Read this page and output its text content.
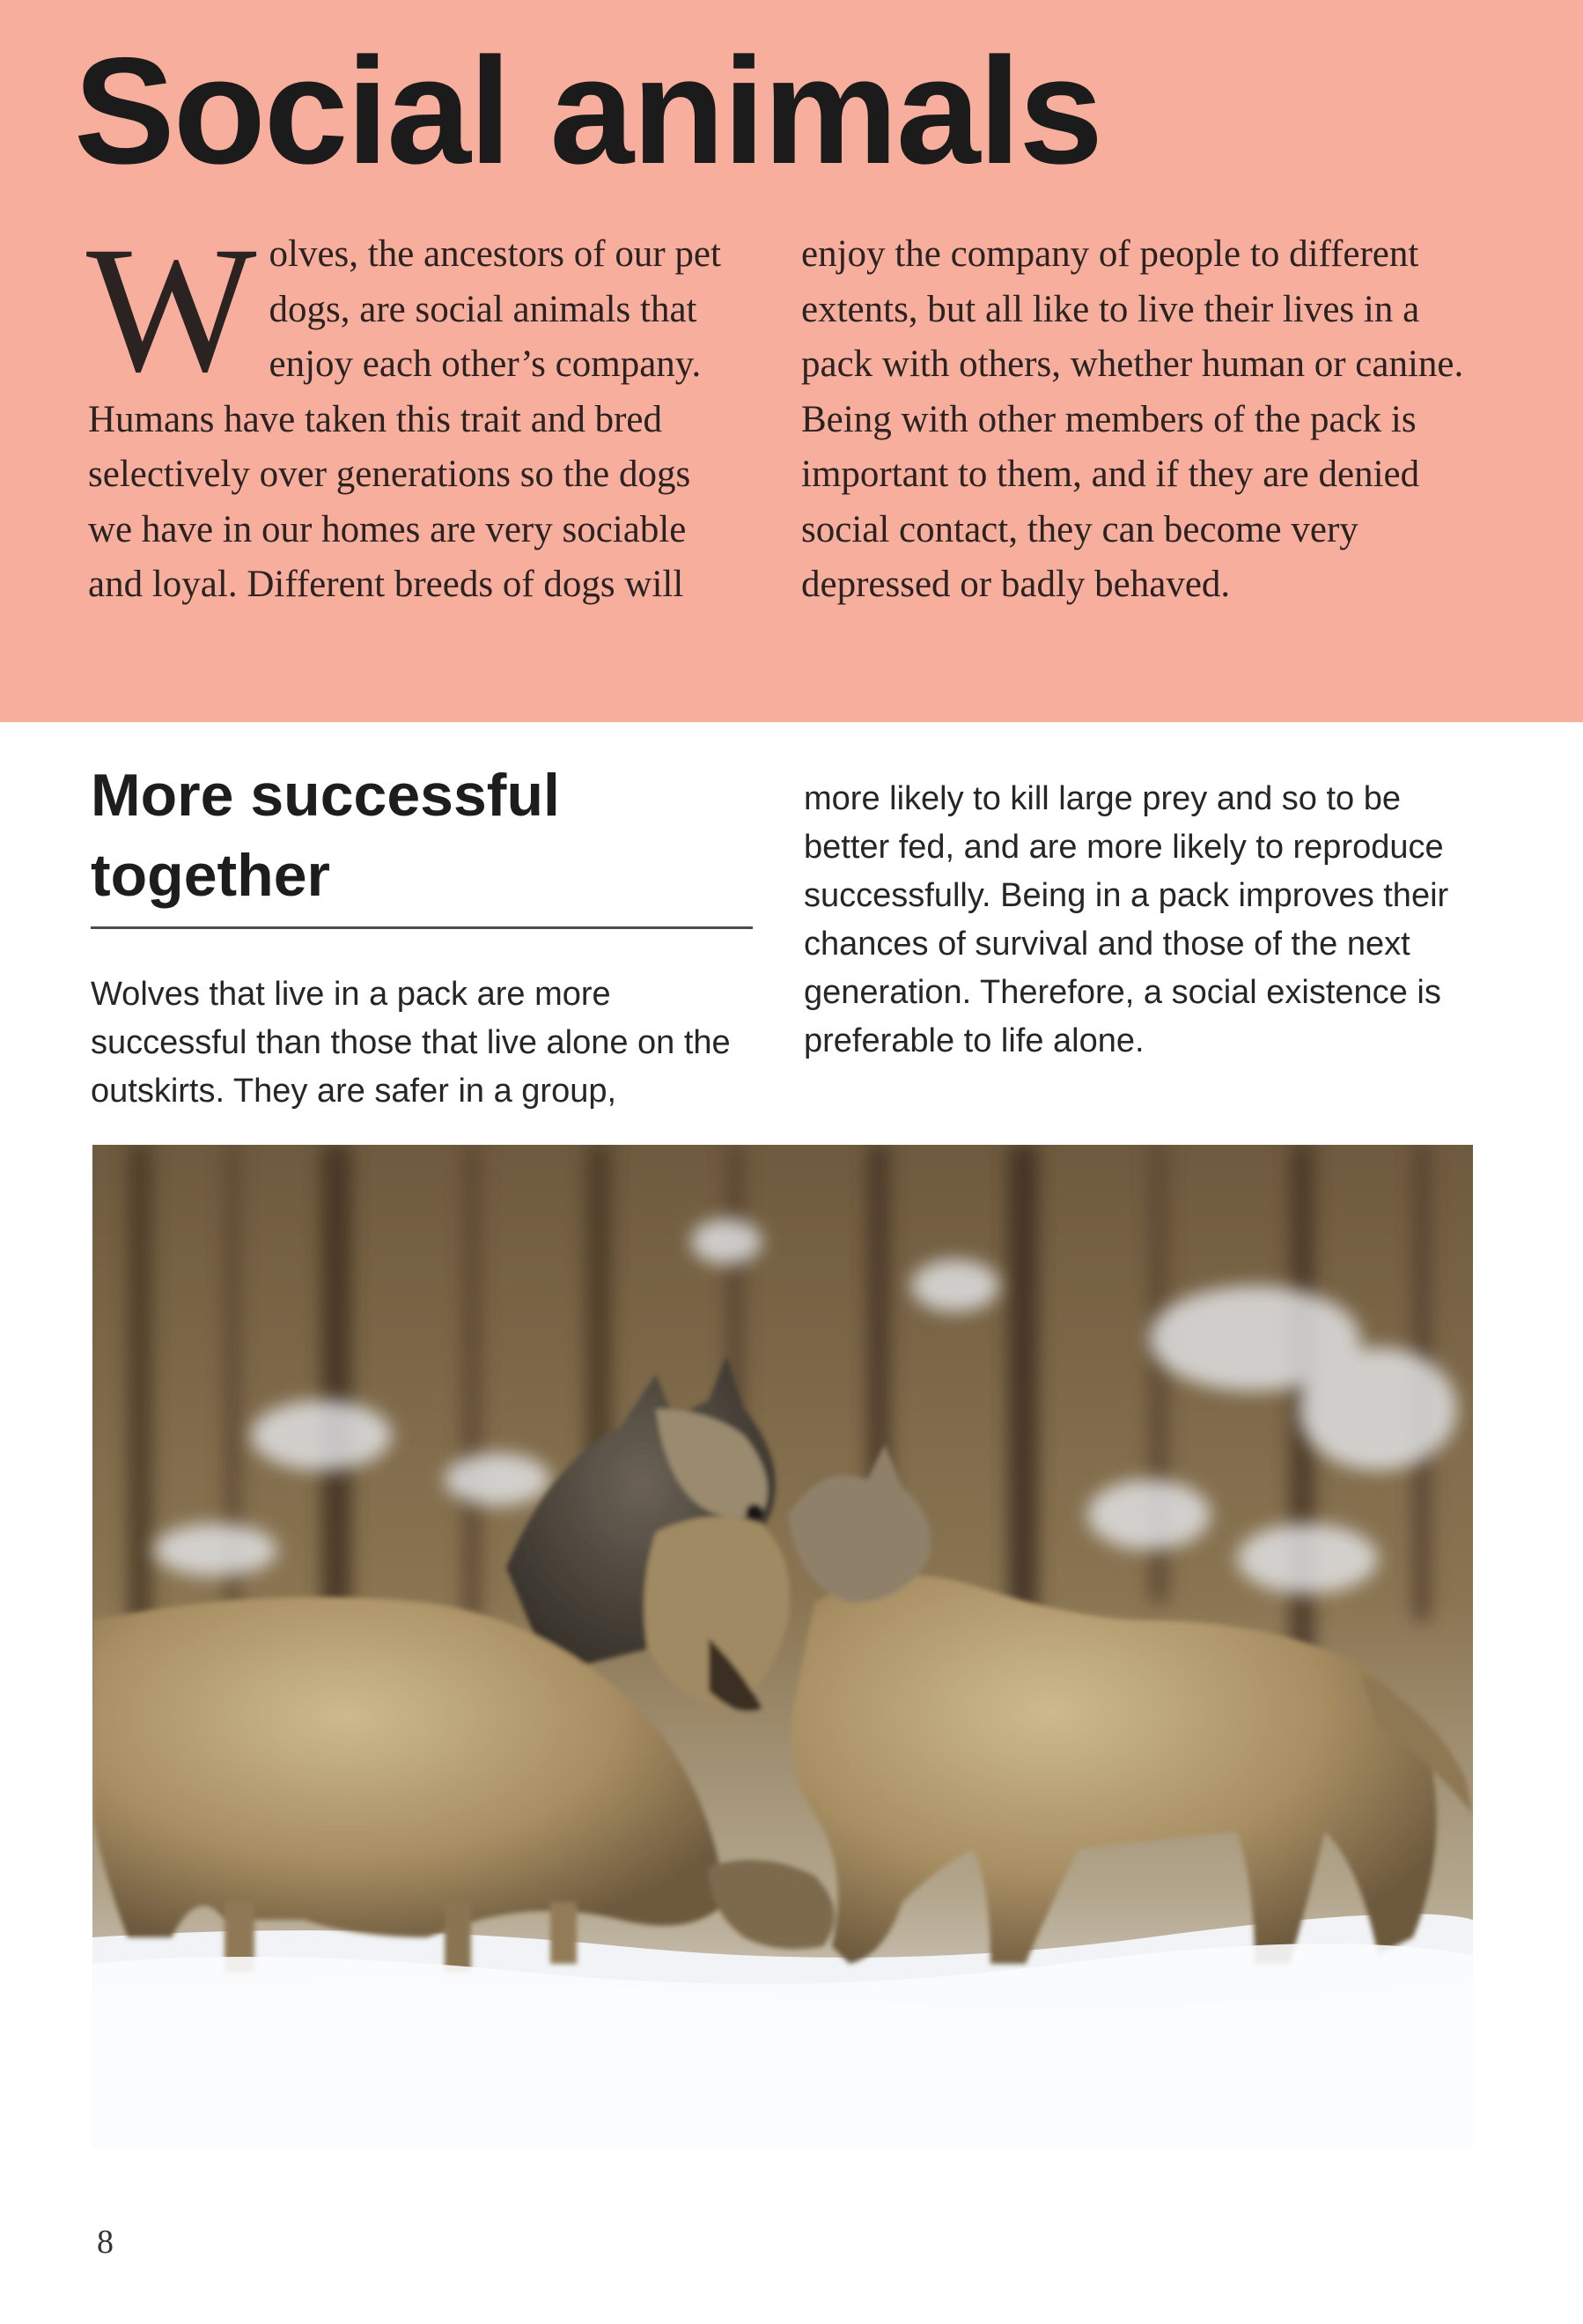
Social animals

Wolves, the ancestors of our pet dogs, are social animals that enjoy each other’s company. Humans have taken this trait and bred selectively over generations so the dogs we have in our homes are very sociable and loyal. Different breeds of dogs will

enjoy the company of people to different extents, but all like to live their lives in a pack with others, whether human or canine. Being with other members of the pack is important to them, and if they are denied social contact, they can become very depressed or badly behaved.

More successful together

Wolves that live in a pack are more successful than those that live alone on the outskirts. They are safer in a group,

more likely to kill large prey and so to be better fed, and are more likely to reproduce successfully. Being in a pack improves their chances of survival and those of the next generation. Therefore, a social existence is preferable to life alone.

8
